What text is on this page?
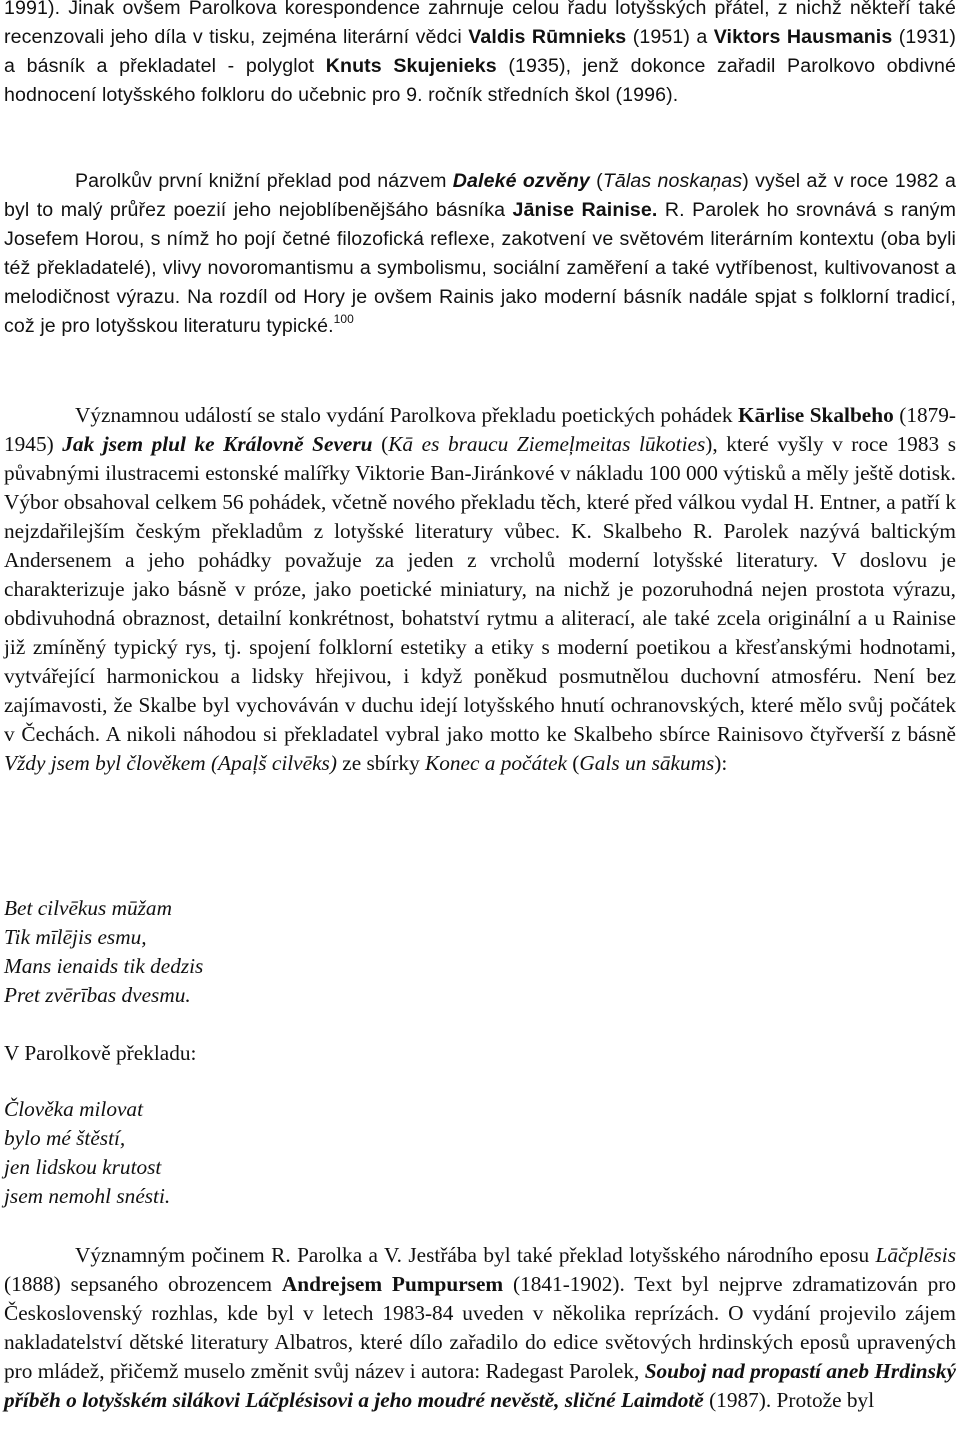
1991). Jinak ovšem Parolkova korespondence zahrnuje celou řadu lotyšských přátel, z nichž někteří také recenzovali jeho díla v tisku, zejména literární vědci Valdis Rūmnieks (1951) a Viktors Hausmanis (1931) a básník a překladatel - polyglot Knuts Skujenieks (1935), jenž dokonce zařadil Parolkovo obdivné hodnocení lotyšského folkloru do učebnic pro 9. ročník středních škol (1996).

Parolkův první knižní překlad pod názvem Daleké ozvěny (Tālas noskaņas) vyšel až v roce 1982 a byl to malý průřez poezií jeho nejoblíbenějšáho básníka Jānise Rainise. R. Parolek ho srovnává s raným Josefem Horou, s nímž ho pojí četné filozofická reflexe, zakotvení ve světovém literárním kontextu (oba byli též překladatelé), vlivy novoromantismu a symbolismu, sociální zaměření a také vytříbenost, kultivovanost a melodičnost výrazu. Na rozdíl od Hory je ovšem Rainis jako moderní básník nadále spjat s folklorní tradicí, což je pro lotyšskou literaturu typické.$^{100}$

Významnou událostí se stalo vydání Parolkova překladu poetických pohádek Kārlise Skalbeho (1879-1945) Jak jsem plul ke Královně Severu (Kā es braucu Ziemeļmeitas lūkoties), které vyšly v roce 1983 s půvabnými ilustracemi estonské malířky Viktorie Ban-Jiránkové v nákladu 100 000 výtisků a měly ještě dotisk. Výbor obsahoval celkem 56 pohádek, včetně nového překladu těch, které před válkou vydal H. Entner, a patří k nejzdařilejším českým překladům z lotyšské literatury vůbec. K. Skalbeho R. Parolek nazývá baltickým Andersenem a jeho pohádky považuje za jeden z vrcholů moderní lotyšské literatury. V doslovu je charakterizuje jako básně v próze, jako poetické miniatury, na nichž je pozoruhodná nejen prostota výrazu, obdivuhodná obraznost, detailní konkrétnost, bohatství rytmu a aliterací, ale také zcela originální a u Rainise již zmíněný typický rys, tj. spojení folklorní estetiky a etiky s moderní poetikou a křesťanskými hodnotami, vytvářející harmonickou a lidsky hřejivou, i když poněkud posmutnělou duchovní atmosféru. Není bez zajímavosti, že Skalbe byl vychováván v duchu idejí lotyšského hnutí ochranovských, které mělo svůj počátek v Čechách. A nikoli náhodou si překladatel vybral jako motto ke Skalbeho sbírce Rainisovo čtyřverší z básně Vždy jsem byl člověkem (Apaļš cilvēks) ze sbírky Konec a počátek (Gals un sākums):

Bet cilvēkus mūžam
Tik mīlējis esmu,
Mans ienaids tik dedzis
Pret zvērības dvesmu.

V Parolkově překladu:

Člověka milovat
bylo mé štěstí,
jen lidskou krutost
jsem nemohl snésti.

Významným počinem R. Parolka a V. Jestřába byl také překlad lotyšského národního eposu Lāčplēsis (1888) sepsaného obrozencem Andrejsem Pumpursem (1841-1902). Text byl nejprve zdramatizován pro Československý rozhlas, kde byl v letech 1983-84 uveden v několika reprízách. O vydání projevilo zájem nakladatelství dětské literatury Albatros, které dílo zařadilo do edice světových hrdinských eposů upravených pro mládež, přičemž muselo změnit svůj název i autora: Radegast Parolek, Souboj nad propastí aneb Hrdinský příběh o lotyšském silákovi Láčplésisovi a jeho moudré nevěstě, sličné Laimdotě (1987). Protože byl
